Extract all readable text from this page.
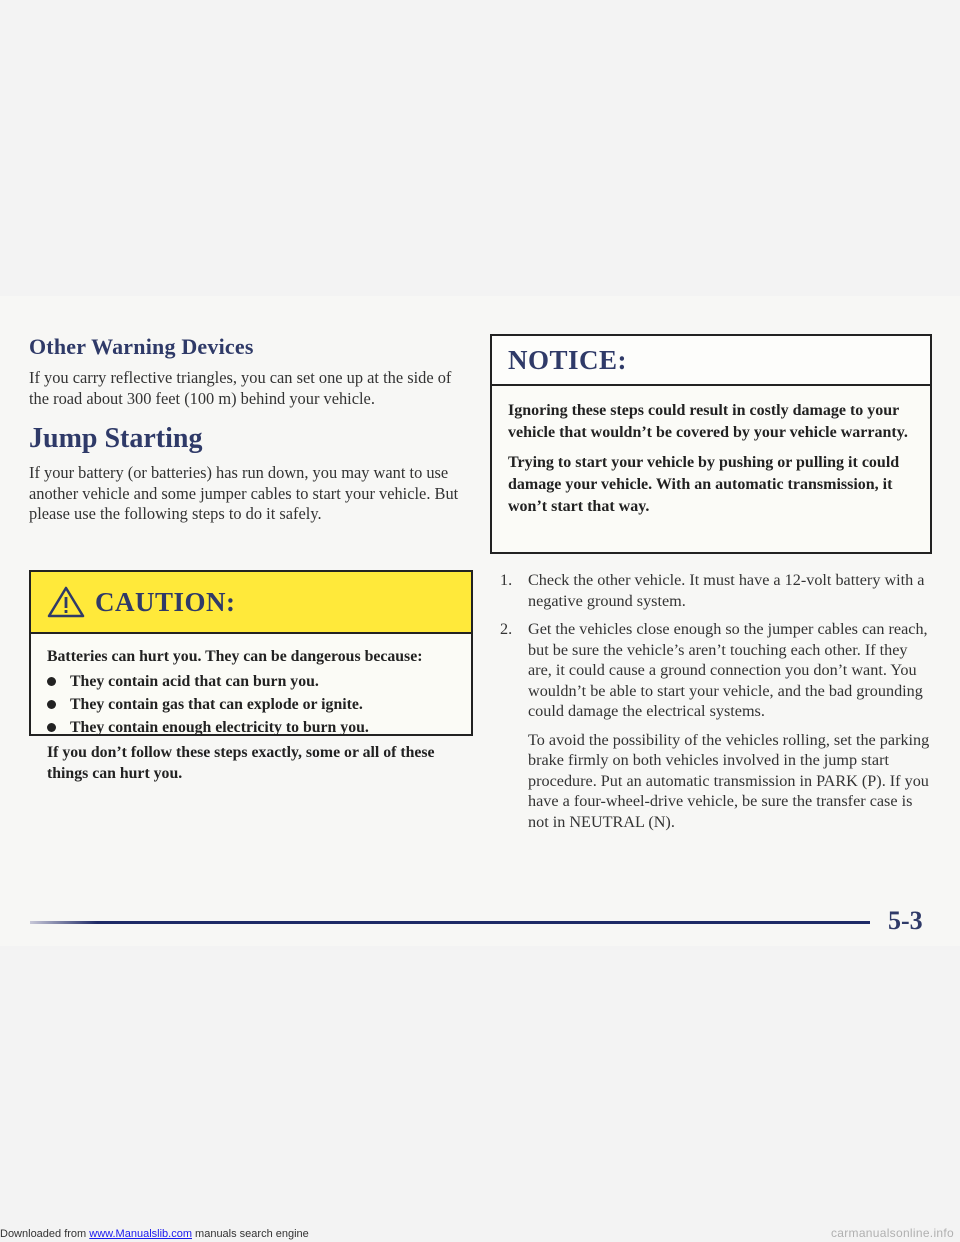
Other Warning Devices

If you carry reflective triangles, you can set one up at the side of the road about 300 feet (100 m) behind your vehicle.

Jump Starting

If your battery (or batteries) has run down, you may want to use another vehicle and some jumper cables to start your vehicle. But please use the following steps to do it safely.

CAUTION:

Batteries can hurt you. They can be dangerous because:

They contain acid that can burn you.
They contain gas that can explode or ignite.
They contain enough electricity to burn you.

If you don’t follow these steps exactly, some or all of these things can hurt you.

NOTICE:

Ignoring these steps could result in costly damage to your vehicle that wouldn’t be covered by your vehicle warranty.

Trying to start your vehicle by pushing or pulling it could damage your vehicle. With an automatic transmission, it won’t start that way.

1. Check the other vehicle. It must have a 12-volt battery with a negative ground system.
2. Get the vehicles close enough so the jumper cables can reach, but be sure the vehicle’s aren’t touching each other. If they are, it could cause a ground connection you don’t want. You wouldn’t be able to start your vehicle, and the bad grounding could damage the electrical systems.

To avoid the possibility of the vehicles rolling, set the parking brake firmly on both vehicles involved in the jump start procedure. Put an automatic transmission in PARK (P). If you have a four-wheel-drive vehicle, be sure the transfer case is not in NEUTRAL (N).

5-3
Downloaded from www.Manualslib.com manuals search engine	carmanualsonline.info
